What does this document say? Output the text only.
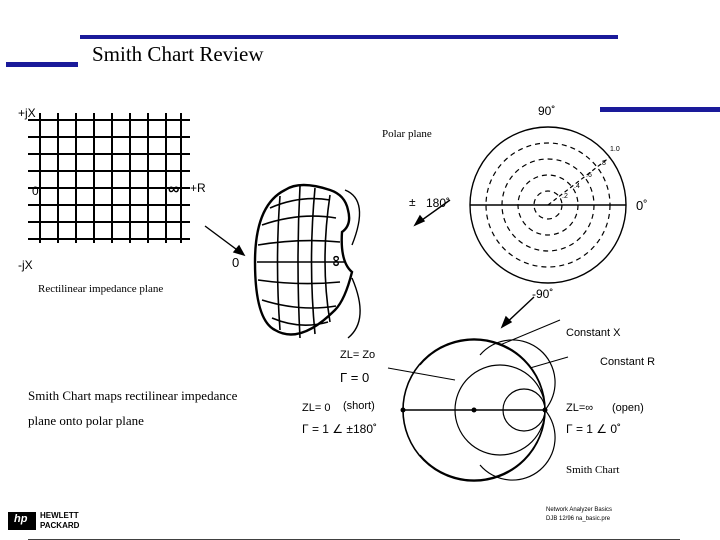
Smith Chart Review
+jX
0	∞ +R
-jX
Rectilinear impedance plane
0	∞
90˚
Polar plane
± 180˚	0˚
-90˚
1.0
.8
.6
.4
.2
Constant X
Constant R
ZL= Zo
Γ = 0
Smith Chart maps rectilinear impedance
plane onto polar plane
ZL= 0 (short)
Γ = 1 ∠ ±180˚
ZL=∞ (open)
Γ = 1 ∠ 0˚
Smith Chart
hp HEWLETT
PACKARD
Network Analyzer Basics
DJB 12/96 na_basic.pre
